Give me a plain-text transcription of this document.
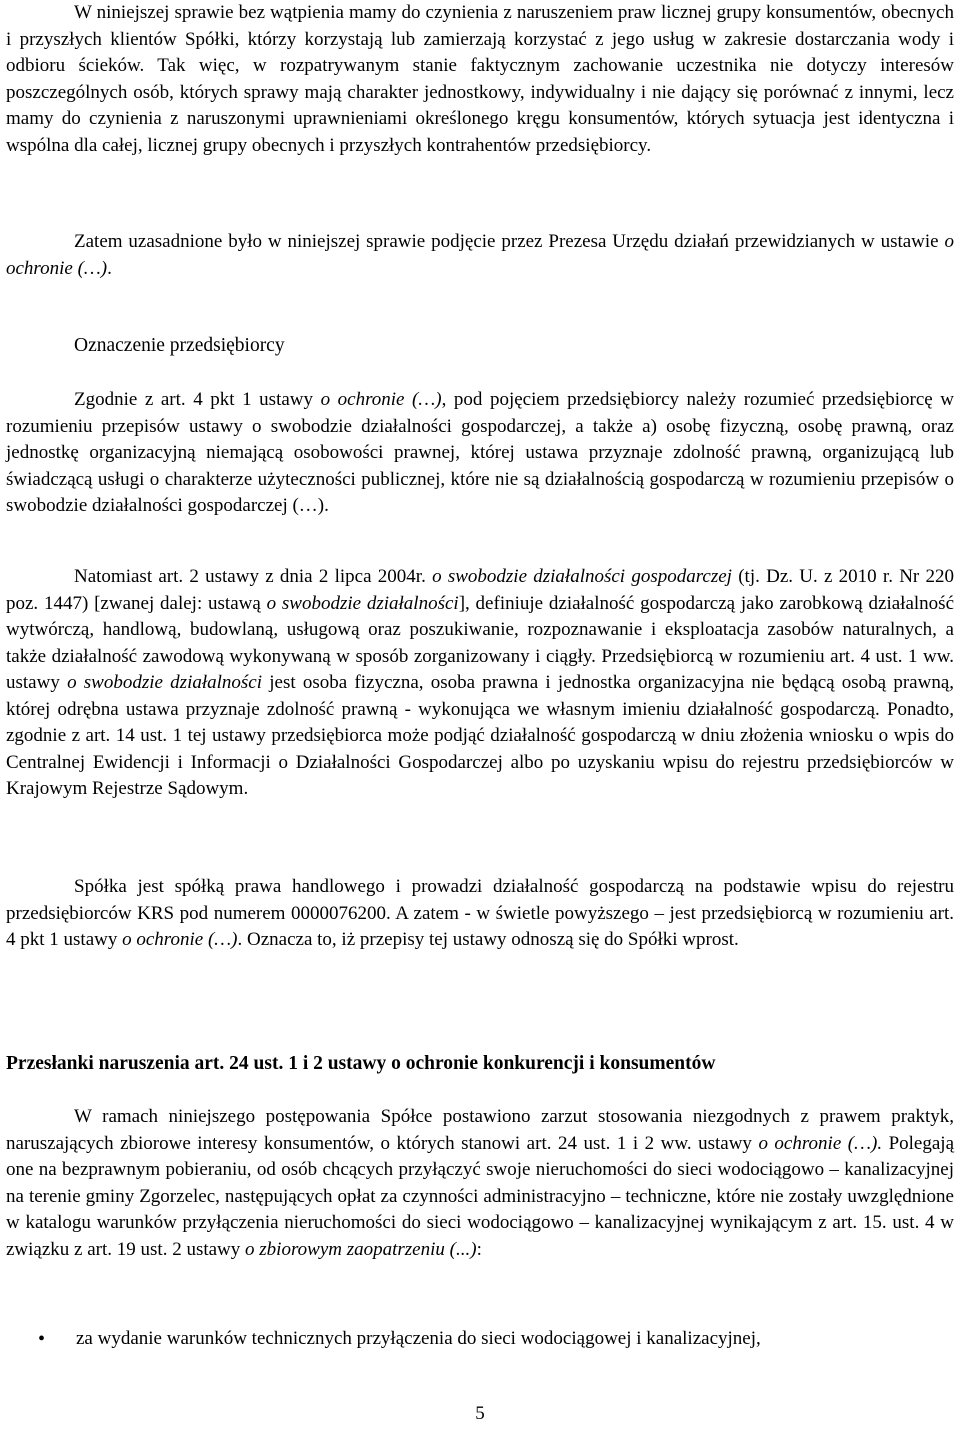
W niniejszej sprawie bez wątpienia mamy do czynienia z naruszeniem praw licznej grupy konsumentów, obecnych i przyszłych klientów Spółki, którzy korzystają lub zamierzają korzystać z jego usług w zakresie dostarczania wody i odbioru ścieków. Tak więc, w rozpatrywanym stanie faktycznym zachowanie uczestnika nie dotyczy interesów poszczególnych osób, których sprawy mają charakter jednostkowy, indywidualny i nie dający się porównać z innymi, lecz mamy do czynienia z naruszonymi uprawnieniami określonego kręgu konsumentów, których sytuacja jest identyczna i wspólna dla całej, licznej grupy obecnych i przyszłych kontrahentów przedsiębiorcy.

Zatem uzasadnione było w niniejszej sprawie podjęcie przez Prezesa Urzędu działań przewidzianych w ustawie o ochronie (…).
Oznaczenie przedsiębiorcy
Zgodnie z art. 4 pkt 1 ustawy o ochronie (…), pod pojęciem przedsiębiorcy należy rozumieć przedsiębiorcę w rozumieniu przepisów ustawy o swobodzie działalności gospodarczej, a także a) osobę fizyczną, osobę prawną, oraz jednostkę organizacyjną niemającą osobowości prawnej, której ustawa przyznaje zdolność prawną, organizującą lub świadczącą usługi o charakterze użyteczności publicznej, które nie są działalnością gospodarczą w rozumieniu przepisów o swobodzie działalności gospodarczej (…).
Natomiast art. 2 ustawy z dnia 2 lipca 2004r. o swobodzie działalności gospodarczej (tj. Dz. U. z 2010 r. Nr 220 poz. 1447) [zwanej dalej: ustawą o swobodzie działalności], definiuje działalność gospodarczą jako zarobkową działalność wytwórczą, handlową, budowlaną, usługową oraz poszukiwanie, rozpoznawanie i eksploatacja zasobów naturalnych, a także działalność zawodową wykonywaną w sposób zorganizowany i ciągły. Przedsiębiorcą w rozumieniu art. 4 ust. 1 ww. ustawy o swobodzie działalności jest osoba fizyczna, osoba prawna i jednostka organizacyjna nie będącą osobą prawną, której odrębna ustawa przyznaje zdolność prawną - wykonująca we własnym imieniu działalność gospodarczą. Ponadto, zgodnie z art. 14 ust. 1 tej ustawy przedsiębiorca może podjąć działalność gospodarczą w dniu złożenia wniosku o wpis do Centralnej Ewidencji i Informacji o Działalności Gospodarczej albo po uzyskaniu wpisu do rejestru przedsiębiorców w Krajowym Rejestrze Sądowym.
Spółka jest spółką prawa handlowego i prowadzi działalność gospodarczą na podstawie wpisu do rejestru przedsiębiorców KRS pod numerem 0000076200. A zatem - w świetle powyższego – jest przedsiębiorcą w rozumieniu art. 4 pkt 1 ustawy o ochronie (…). Oznacza to, iż przepisy tej ustawy odnoszą się do Spółki wprost.
Przesłanki naruszenia art. 24 ust. 1 i 2 ustawy o ochronie konkurencji i konsumentów
W ramach niniejszego postępowania Spółce postawiono zarzut stosowania niezgodnych z prawem praktyk, naruszających zbiorowe interesy konsumentów, o których stanowi art. 24 ust. 1 i 2 ww. ustawy o ochronie (…). Polegają one na bezprawnym pobieraniu, od osób chcących przyłączyć swoje nieruchomości do sieci wodociągowo – kanalizacyjnej na terenie gminy Zgorzelec, następujących opłat za czynności administracyjno – techniczne, które nie zostały uwzględnione w katalogu warunków przyłączenia nieruchomości do sieci wodociągowo – kanalizacyjnej wynikającym z art. 15. ust. 4 w związku z art. 19 ust. 2 ustawy o zbiorowym zaopatrzeniu (...):
• za wydanie warunków technicznych przyłączenia do sieci wodociągowej i kanalizacyjnej,
5
